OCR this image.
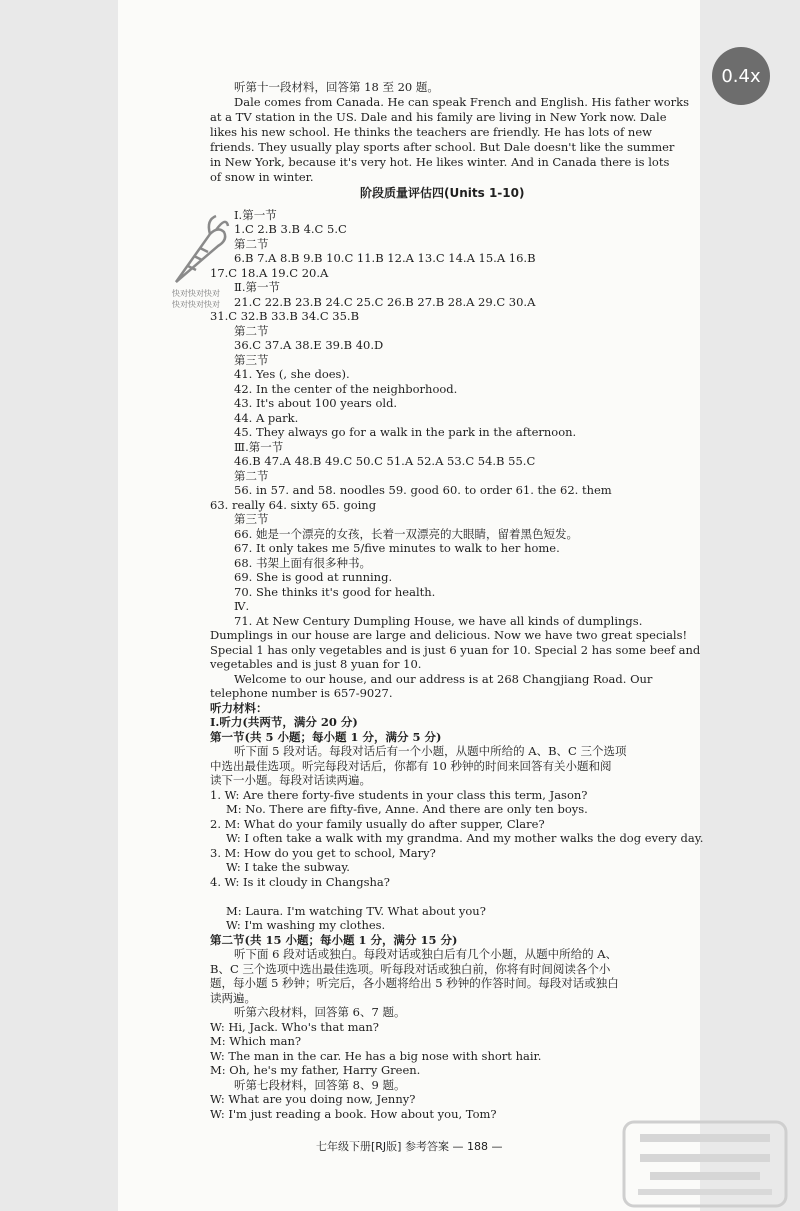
0.4x
快对快对快对
快对快对快对
听第十一段材料，回答第 18 至 20 题。
Dale comes from Canada. He can speak French and English. His father works
at a TV station in the US. Dale and his family are living in New York now. Dale
likes his new school. He thinks the teachers are friendly. He has lots of new
friends. They usually play sports after school. But Dale doesn't like the summer
in New York, because it's very hot. He likes winter. And in Canada there is lots
of snow in winter.
阶段质量评估四(Units 1-10)
Ⅰ.第一节
1.C 2.B 3.B 4.C 5.C
第二节
6.B 7.A 8.B 9.B 10.C 11.B 12.A 13.C 14.A 15.A 16.B
17.C 18.A 19.C 20.A
Ⅱ.第一节
21.C 22.B 23.B 24.C 25.C 26.B 27.B 28.A 29.C 30.A
31.C 32.B 33.B 34.C 35.B
第二节
36.C 37.A 38.E 39.B 40.D
第三节
41. Yes (, she does).
42. In the center of the neighborhood.
43. It's about 100 years old.
44. A park.
45. They always go for a walk in the park in the afternoon.
Ⅲ.第一节
46.B 47.A 48.B 49.C 50.C 51.A 52.A 53.C 54.B 55.C
第二节
56. in 57. and 58. noodles 59. good 60. to order 61. the 62. them
63. really 64. sixty 65. going
第三节
66. 她是一个漂亮的女孩，长着一双漂亮的大眼睛，留着黑色短发。
67. It only takes me 5/five minutes to walk to her home.
68. 书架上面有很多种书。
69. She is good at running.
70. She thinks it's good for health.
Ⅳ.
71. At New Century Dumpling House, we have all kinds of dumplings.
Dumplings in our house are large and delicious. Now we have two great specials!
Special 1 has only vegetables and is just 6 yuan for 10. Special 2 has some beef and
vegetables and is just 8 yuan for 10.
Welcome to our house, and our address is at 268 Changjiang Road. Our
telephone number is 657-9027.
听力材料：
Ⅰ.听力(共两节，满分 20 分)
第一节(共 5 小题；每小题 1 分，满分 5 分)
听下面 5 段对话。每段对话后有一个小题，从题中所给的 A、B、C 三个选项
中选出最佳选项。听完每段对话后，你都有 10 秒钟的时间来回答有关小题和阅
读下一小题。每段对话读两遍。
1. W: Are there forty-five students in your class this term, Jason?
M: No. There are fifty-five, Anne. And there are only ten boys.
2. M: What do your family usually do after supper, Clare?
W: I often take a walk with my grandma. And my mother walks the dog every day.
3. M: How do you get to school, Mary?
W: I take the subway.
4. W: Is it cloudy in Changsha?
M: Laura. I'm watching TV. What about you?
W: I'm washing my clothes.
第二节(共 15 小题；每小题 1 分，满分 15 分)
听下面 6 段对话或独白。每段对话或独白后有几个小题，从题中所给的 A、
B、C 三个选项中选出最佳选项。听每段对话或独白前，你将有时间阅读各个小
题，每小题 5 秒钟；听完后，各小题将给出 5 秒钟的作答时间。每段对话或独白
读两遍。
听第六段材料，回答第 6、7 题。
W: Hi, Jack. Who's that man?
M: Which man?
W: The man in the car. He has a big nose with short hair.
M: Oh, he's my father, Harry Green.
听第七段材料，回答第 8、9 题。
W: What are you doing now, Jenny?
W: I'm just reading a book. How about you, Tom?
七年级下册[RJ版] 参考答案 — 188 —
